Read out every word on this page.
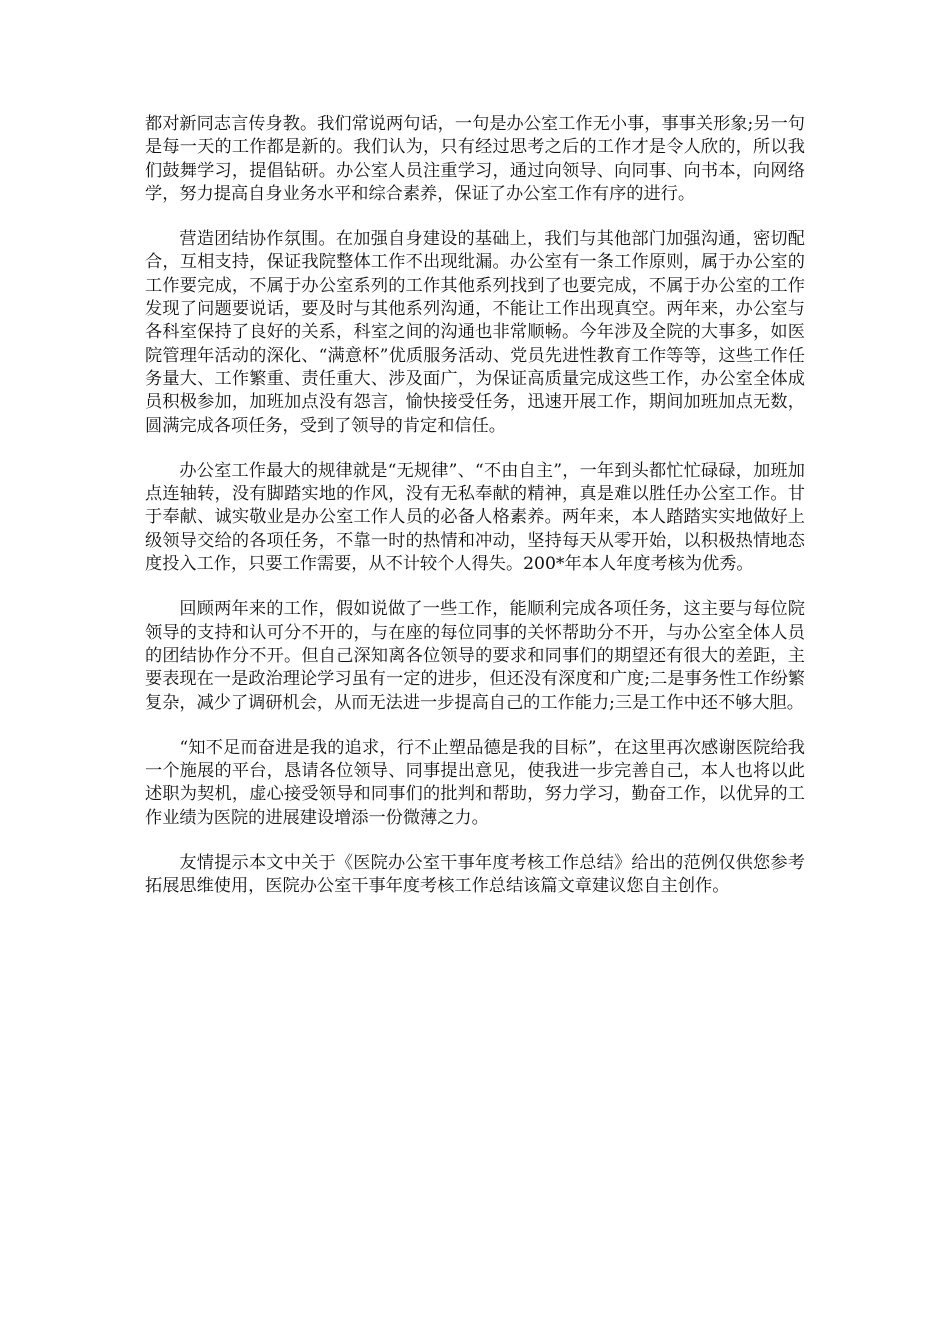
都对新同志言传身教。我们常说两句话，一句是办公室工作无小事，事事关形象;另一句是每一天的工作都是新的。我们认为，只有经过思考之后的工作才是令人欣的，所以我们鼓舞学习，提倡钻研。办公室人员注重学习，通过向领导、向同事、向书本，向网络学，努力提高自身业务水平和综合素养，保证了办公室工作有序的进行。

营造团结协作氛围。在加强自身建设的基础上，我们与其他部门加强沟通，密切配合，互相支持，保证我院整体工作不出现纰漏。办公室有一条工作原则，属于办公室的工作要完成，不属于办公室系列的工作其他系列找到了也要完成，不属于办公室的工作发现了问题要说话，要及时与其他系列沟通，不能让工作出现真空。两年来，办公室与各科室保持了良好的关系，科室之间的沟通也非常顺畅。今年涉及全院的大事多，如医院管理年活动的深化、“满意杯”优质服务活动、党员先进性教育工作等等，这些工作任务量大、工作繁重、责任重大、涉及面广，为保证高质量完成这些工作，办公室全体成员积极参加，加班加点没有怨言，愉快接受任务，迅速开展工作，期间加班加点无数，圆满完成各项任务，受到了领导的肯定和信任。

办公室工作最大的规律就是“无规律”、“不由自主”，一年到头都忙忙碌碌，加班加点连轴转，没有脚踏实地的作风，没有无私奉献的精神，真是难以胜任办公室工作。甘于奉献、诚实敬业是办公室工作人员的必备人格素养。两年来，本人踏踏实实地做好上级领导交给的各项任务，不靠一时的热情和冲动，坚持每天从零开始，以积极热情地态度投入工作，只要工作需要，从不计较个人得失。200*年本人年度考核为优秀。

回顾两年来的工作，假如说做了一些工作，能顺利完成各项任务，这主要与每位院领导的支持和认可分不开的，与在座的每位同事的关怀帮助分不开，与办公室全体人员的团结协作分不开。但自己深知离各位领导的要求和同事们的期望还有很大的差距，主要表现在一是政治理论学习虽有一定的进步，但还没有深度和广度;二是事务性工作纷繁复杂，减少了调研机会，从而无法进一步提高自己的工作能力;三是工作中还不够大胆。

“知不足而奋进是我的追求，行不止塑品德是我的目标”，在这里再次感谢医院给我一个施展的平台，恳请各位领导、同事提出意见，使我进一步完善自己，本人也将以此述职为契机，虚心接受领导和同事们的批判和帮助，努力学习，勤奋工作，以优异的工作业绩为医院的进展建设增添一份微薄之力。

友情提示本文中关于《医院办公室干事年度考核工作总结》给出的范例仅供您参考拓展思维使用，医院办公室干事年度考核工作总结该篇文章建议您自主创作。
